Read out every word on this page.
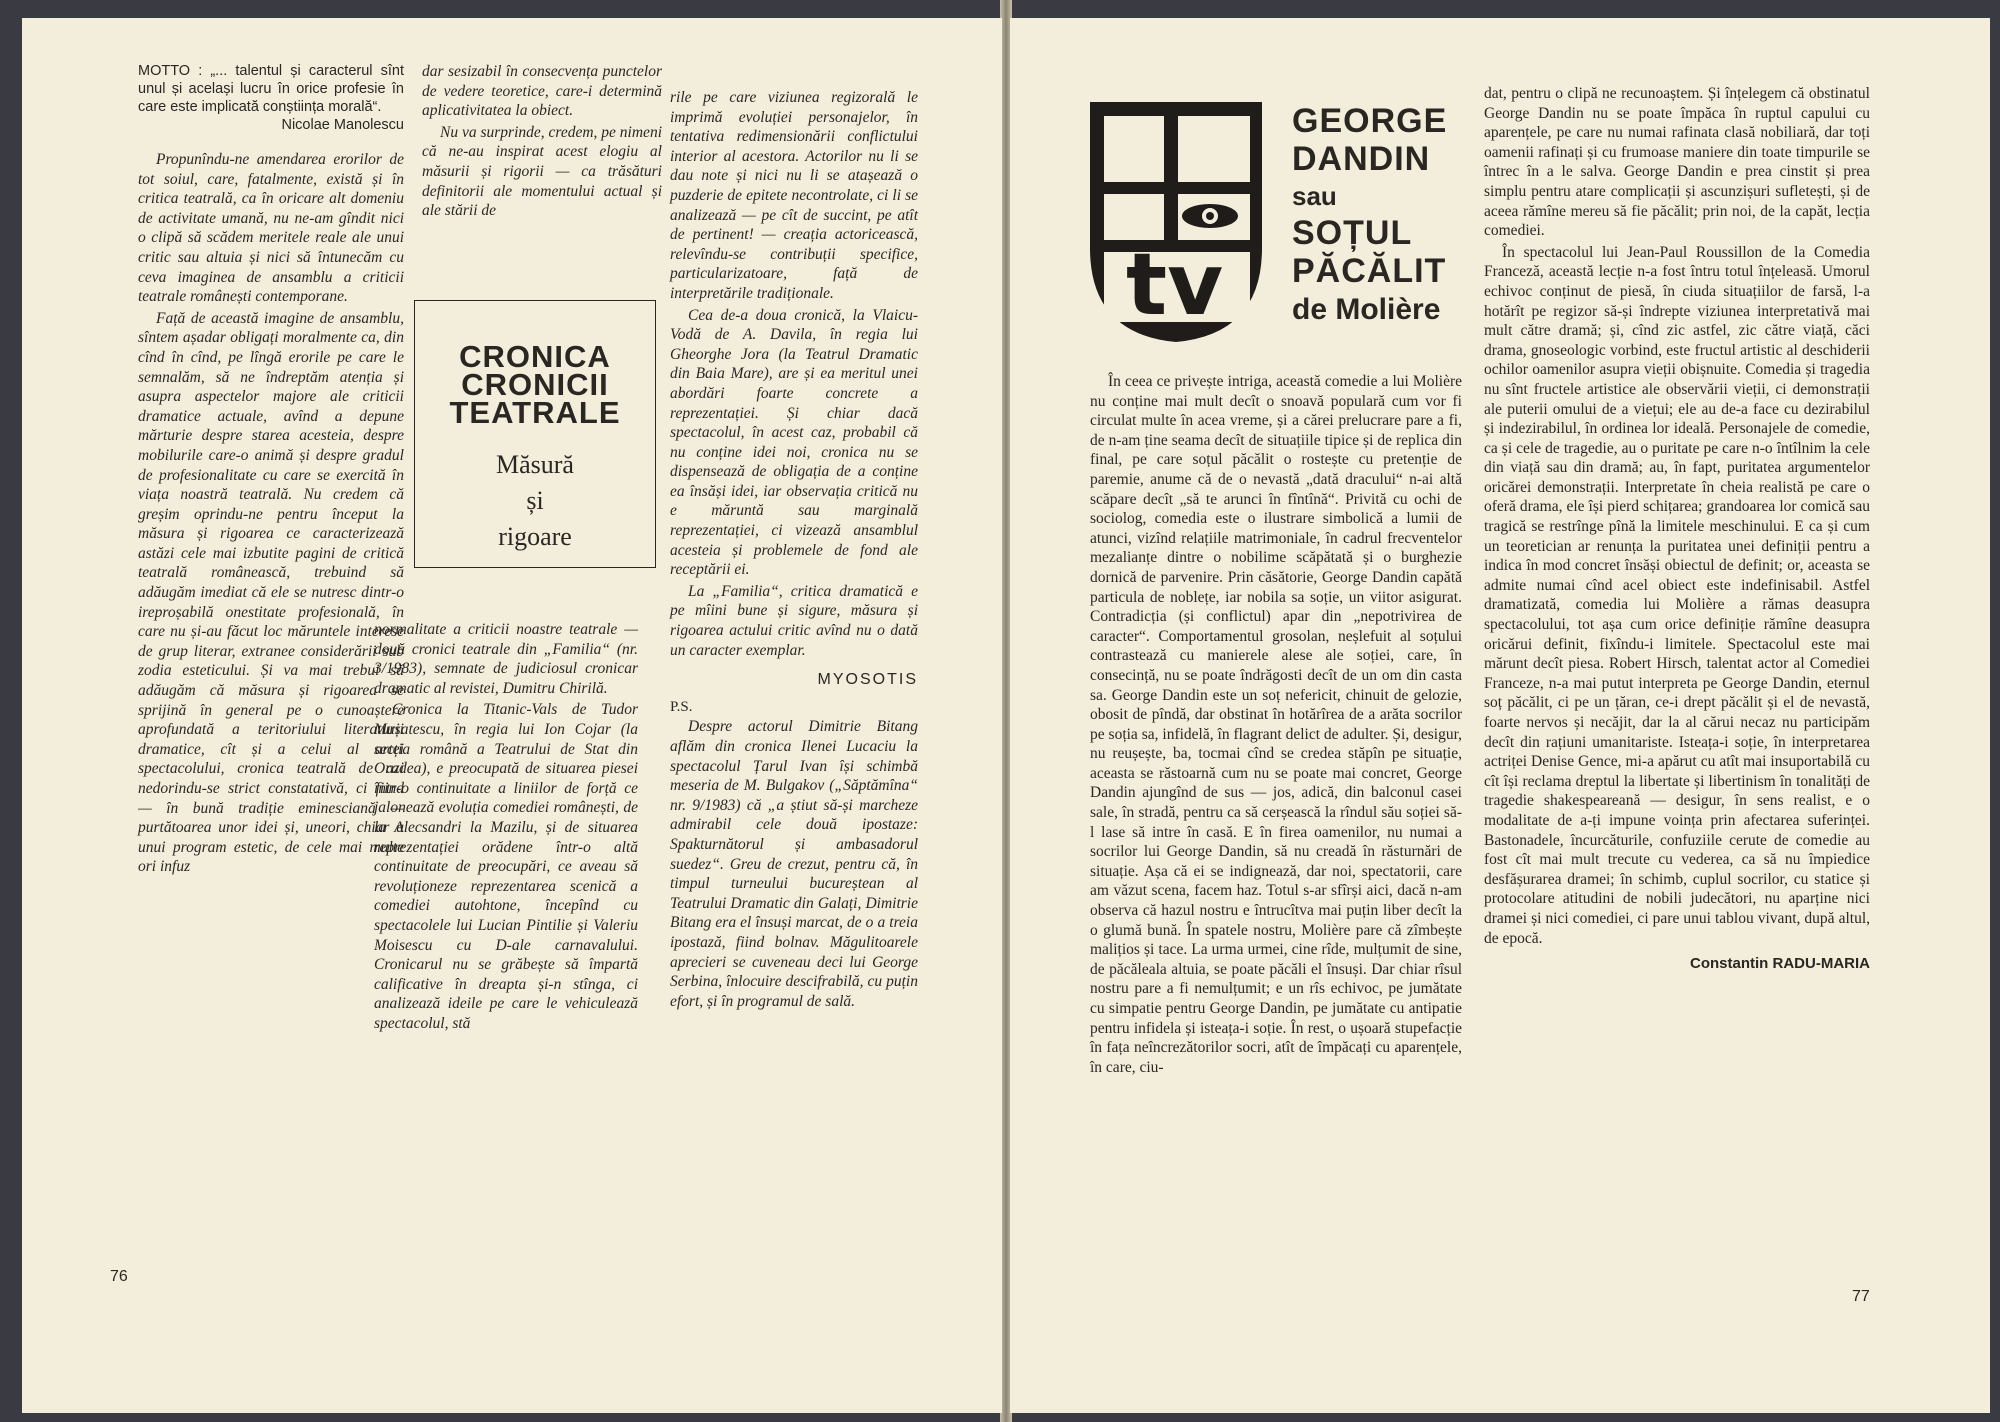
MOTTO : „... talentul și caracterul sînt unul și același lucru în orice profesie în care este implicată conștiința morală“.
Nicolae Manolescu

Propunîndu-ne amendarea erorilor de tot soiul, care, fatalmente, există și în critica teatrală, ca în oricare alt domeniu de activitate umană, nu ne-am gîndit nici o clipă să scădem meritele reale ale unui critic sau altuia și nici să întunecăm cu ceva imaginea de ansamblu a criticii teatrale românești contemporane.

Față de această imagine de ansamblu, sîntem așadar obligați moralmente ca, din cînd în cînd, pe lîngă erorile pe care le semnalăm, să ne îndreptăm atenția și asupra aspectelor majore ale criticii dramatice actuale, avînd a depune mărturie despre starea acesteia, despre mobilurile care-o animă și despre gradul de profesionalitate cu care se exercită în viața noastră teatrală. Nu credem că greșim oprindu-ne pentru început la măsura și rigoarea ce caracterizează astăzi cele mai izbutite pagini de critică teatrală românească, trebuind să adăugăm imediat că ele se nutresc dintr-o ireproșabilă onestitate profesională, în care nu și-au făcut loc măruntele interese de grup literar, extranee considerării sub zodia esteticului. Și va mai trebui să adăugăm că măsura și rigoarea se sprijină în general pe o cunoaștere aprofundată a teritoriului literaturii dramatice, cît și a celui al artei spectacolului, cronica teatrală de azi nedorindu-se strict constatativă, ci fiind — în bună tradiție eminesciană — purtătoarea unor idei și, uneori, chiar a unui program estetic, de cele mai multe ori infuz

dar sesizabil în consecvența punctelor de vedere teoretice, care-i determină aplicativitatea la obiect.

Nu va surprinde, credem, pe nimeni că ne-au inspirat acest elogiu al măsurii și rigorii — ca trăsături definitorii ale momentului actual și ale stării de

CRONICA
CRONICII
TEATRALE
Măsură
și
rigoare

normalitate a criticii noastre teatrale — două cronici teatrale din „Familia“ (nr. 3/1983), semnate de judiciosul cronicar dramatic al revistei, Dumitru Chirilă.

Cronica la Titanic-Vals de Tudor Mușatescu, în regia lui Ion Cojar (la secția română a Teatrului de Stat din Oradea), e preocupată de situarea piesei într-o continuitate a liniilor de forță ce jalonează evoluția comediei românești, de la Alecsandri la Mazilu, și de situarea reprezentației orădene într-o altă continuitate de preocupări, ce aveau să revoluționeze reprezentarea scenică a comediei autohtone, începînd cu spectacolele lui Lucian Pintilie și Valeriu Moisescu cu D-ale carnavalului. Cronicarul nu se grăbește să împartă calificative în dreapta și-n stînga, ci analizează ideile pe care le vehiculează spectacolul, stă

rile pe care viziunea regizorală le imprimă evoluției personajelor, în tentativa redimensionării conflictului interior al acestora. Actorilor nu li se dau note și nici nu li se atașează o puzderie de epitete necontrolate, ci li se analizează — pe cît de succint, pe atît de pertinent! — creația actoricească, relevîndu-se contribuții specifice, particularizatoare, față de interpretările tradiționale.

Cea de-a doua cronică, la Vlaicu-Vodă de A. Davila, în regia lui Gheorghe Jora (la Teatrul Dramatic din Baia Mare), are și ea meritul unei abordări foarte concrete a reprezentației. Și chiar dacă spectacolul, în acest caz, probabil că nu conține idei noi, cronica nu se dispensează de obligația de a conține ea însăși idei, iar observația critică nu e măruntă sau marginală reprezentației, ci vizează ansamblul acesteia și problemele de fond ale receptării ei.

La „Familia“, critica dramatică e pe mîini bune și sigure, măsura și rigoarea actului critic avînd nu o dată un caracter exemplar.

MYOSOTIS
P.S.

Despre actorul Dimitrie Bitang aflăm din cronica Ilenei Lucaciu la spectacolul Țarul Ivan își schimbă meseria de M. Bulgakov („Săptămîna“ nr. 9/1983) că „a știut să-și marcheze admirabil cele două ipostaze: Spakturnătorul și ambasadorul suedez“. Greu de crezut, pentru că, în timpul turneului bucureștean al Teatrului Dramatic din Galați, Dimitrie Bitang era el însuși marcat, de o a treia ipostază, fiind bolnav. Măgulitoarele aprecieri se cuveneau deci lui George Serbina, înlocuire descifrabilă, cu puțin efort, și în programul de sală.

76
tv
GEORGE
DANDIN
sau
SOȚUL
PĂCĂLIT
de Molière

În ceea ce privește intriga, această comedie a lui Molière nu conține mai mult decît o snoavă populară cum vor fi circulat multe în acea vreme, și a cărei prelucrare pare a fi, de n-am ține seama decît de situațiile tipice și de replica din final, pe care soțul păcălit o rostește cu pretenție de paremie, anume că de o nevastă „dată dracului“ n-ai altă scăpare decît „să te arunci în fîntînă“. Privită cu ochi de sociolog, comedia este o ilustrare simbolică a lumii de atunci, vizînd relațiile matrimoniale, în cadrul frecventelor mezalianțe dintre o nobilime scăpătată și o burghezie dornică de parvenire. Prin căsătorie, George Dandin capătă particula de noblețe, iar nobila sa soție, un viitor asigurat. Contradicția (și conflictul) apar din „nepotrivirea de caracter“. Comportamentul grosolan, neșlefuit al soțului contrastează cu manierele alese ale soției, care, în consecință, nu se poate îndrăgosti decît de un om din casta sa. George Dandin este un soț nefericit, chinuit de gelozie, obosit de pîndă, dar obstinat în hotărîrea de a arăta socrilor pe soția sa, infidelă, în flagrant delict de adulter. Și, desigur, nu reușește, ba, tocmai cînd se credea stăpîn pe situație, aceasta se răstoarnă cum nu se poate mai concret, George Dandin ajungînd de sus — jos, adică, din balconul casei sale, în stradă, pentru ca să cerșească la rîndul său soției să-l lase să intre în casă. E în firea oamenilor, nu numai a socrilor lui George Dandin, să nu creadă în răsturnări de situație. Așa că ei se indignează, dar noi, spectatorii, care am văzut scena, facem haz. Totul s-ar sfîrși aici, dacă n-am observa că hazul nostru e întrucîtva mai puțin liber decît la o glumă bună. În spatele nostru, Molière pare că zîmbește malițios și tace. La urma urmei, cine rîde, mulțumit de sine, de păcăleala altuia, se poate păcăli el însuși. Dar chiar rîsul nostru pare a fi nemulțumit; e un rîs echivoc, pe jumătate cu simpatie pentru George Dandin, pe jumătate cu antipatie pentru infidela și isteața-i soție. În rest, o ușoară stupefacție în fața neîncrezătorilor socri, atît de împăcați cu aparențele, în care, ciu-

dat, pentru o clipă ne recunoaștem. Și înțelegem că obstinatul George Dandin nu se poate împăca în ruptul capului cu aparențele, pe care nu numai rafinata clasă nobiliară, dar toți oamenii rafinați și cu frumoase maniere din toate timpurile se întrec în a le salva. George Dandin e prea cinstit și prea simplu pentru atare complicații și ascunzișuri sufletești, și de aceea rămîne mereu să fie păcălit; prin noi, de la capăt, lecția comediei.

În spectacolul lui Jean-Paul Roussillon de la Comedia Franceză, această lecție n-a fost întru totul înțeleasă. Umorul echivoc conținut de piesă, în ciuda situațiilor de farsă, l-a hotărît pe regizor să-și îndrepte viziunea interpretativă mai mult către dramă; și, cînd zic astfel, zic către viață, căci drama, gnoseologic vorbind, este fructul artistic al deschiderii ochilor oamenilor asupra vieții obișnuite. Comedia și tragedia nu sînt fructele artistice ale observării vieții, ci demonstrații ale puterii omului de a viețui; ele au de-a face cu dezirabilul și indezirabilul, în ordinea lor ideală. Personajele de comedie, ca și cele de tragedie, au o puritate pe care n-o întîlnim la cele din viață sau din dramă; au, în fapt, puritatea argumentelor oricărei demonstrații. Interpretate în cheia realistă pe care o oferă drama, ele își pierd schițarea; grandoarea lor comică sau tragică se restrînge pînă la limitele meschinului. E ca și cum un teoretician ar renunța la puritatea unei definiții pentru a indica în mod concret însăși obiectul de definit; or, aceasta se admite numai cînd acel obiect este indefinisabil. Astfel dramatizată, comedia lui Molière a rămas deasupra spectacolului, tot așa cum orice definiție rămîne deasupra oricărui definit, fixîndu-i limitele. Spectacolul este mai mărunt decît piesa. Robert Hirsch, talentat actor al Comediei Franceze, n-a mai putut interpreta pe George Dandin, eternul soț păcălit, ci pe un țăran, ce-i drept păcălit și el de nevastă, foarte nervos și necăjit, dar la al cărui necaz nu participăm decît din rațiuni umanitariste. Isteața-i soție, în interpretarea actriței Denise Gence, mi-a apărut cu atît mai insuportabilă cu cît își reclama dreptul la libertate și libertinism în tonalități de tragedie shakespeareană — desigur, în sens realist, e o modalitate de a-ți impune voința prin afectarea suferinței. Bastonadele, încurcăturile, confuziile cerute de comedie au fost cît mai mult trecute cu vederea, ca să nu împiedice desfășurarea dramei; în schimb, cuplul socrilor, cu statice și protocolare atitudini de nobili judecători, nu aparține nici dramei și nici comediei, ci pare unui tablou vivant, după altul, de epocă.

Constantin RADU-MARIA
77
